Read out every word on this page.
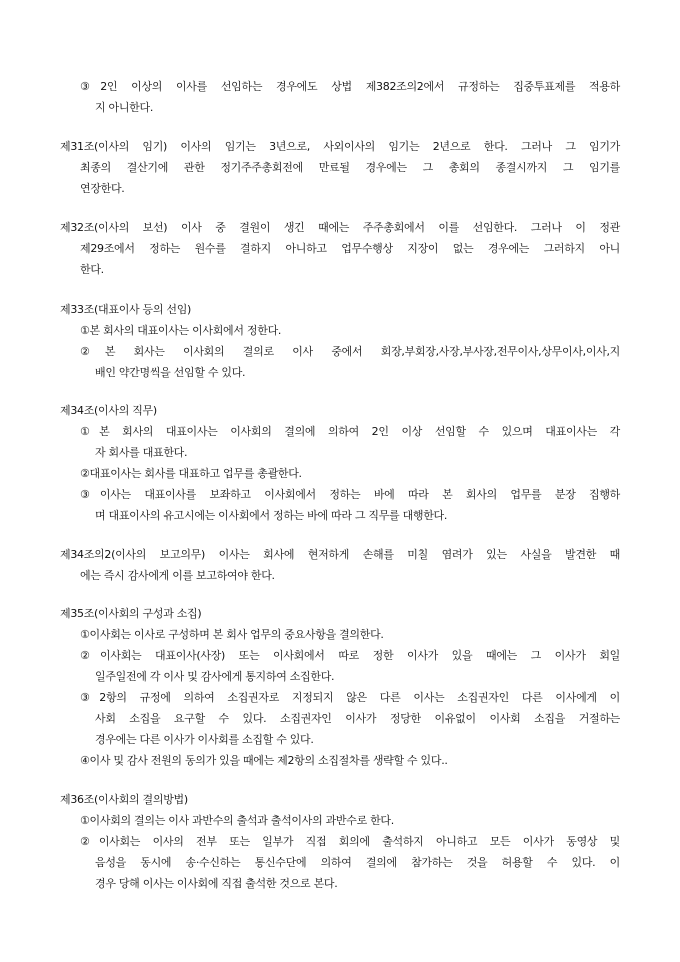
③2인 이상의 이사를 선임하는 경우에도 상법 제382조의2에서 규정하는 집중투표제를 적용하
지 아니한다.
제31조(이사의 임기) 이사의 임기는 3년으로, 사외이사의 임기는 2년으로 한다. 그러나 그 임기가
최종의 결산기에 관한 정기주주총회전에 만료될 경우에는 그 총회의 종결시까지 그 임기를
연장한다.
제32조(이사의 보선) 이사 중 결원이 생긴 때에는 주주총회에서 이를 선임한다. 그러나 이 정관
제29조에서 정하는 원수를 결하지 아니하고 업무수행상 지장이 없는 경우에는 그러하지 아니
한다.
제33조(대표이사 등의 선임)
①본 회사의 대표이사는 이사회에서 정한다.
②본 회사는 이사회의 결의로 이사 중에서 회장,부회장,사장,부사장,전무이사,상무이사,이사,지
배인 약간명씩을 선임할 수 있다.
제34조(이사의 직무)
①본 회사의 대표이사는 이사회의 결의에 의하여 2인 이상 선임할 수 있으며 대표이사는 각
자 회사를 대표한다.
②대표이사는 회사를 대표하고 업무를 총괄한다.
③이사는 대표이사를 보좌하고 이사회에서 정하는 바에 따라 본 회사의 업무를 분장 집행하
며 대표이사의 유고시에는 이사회에서 정하는 바에 따라 그 직무를 대행한다.
제34조의2(이사의 보고의무) 이사는 회사에 현저하게 손해를 미칠 염려가 있는 사실을 발견한 때
에는 즉시 감사에게 이를 보고하여야 한다.
제35조(이사회의 구성과 소집)
①이사회는 이사로 구성하며 본 회사 업무의 중요사항을 결의한다.
②이사회는 대표이사(사장) 또는 이사회에서 따로 정한 이사가 있을 때에는 그 이사가 회일
일주일전에 각 이사 및 감사에게 통지하여 소집한다.
③2항의 규정에 의하여 소집권자로 지정되지 않은 다른 이사는 소집권자인 다른 이사에게 이
사회 소집을 요구할 수 있다. 소집권자인 이사가 정당한 이유없이 이사회 소집을 거절하는
경우에는 다른 이사가 이사회를 소집할 수 있다.
④이사 및 감사 전원의 동의가 있을 때에는 제2항의 소집절차를 생략할 수 있다..
제36조(이사회의 결의방법)
①이사회의 결의는 이사 과반수의 출석과 출석이사의 과반수로 한다.
②이사회는 이사의 전부 또는 일부가 직접 회의에 출석하지 아니하고 모든 이사가 동영상 및
음성을 동시에 송·수신하는 통신수단에 의하여 결의에 참가하는 것을 허용할 수 있다. 이
경우 당해 이사는 이사회에 직접 출석한 것으로 본다.
